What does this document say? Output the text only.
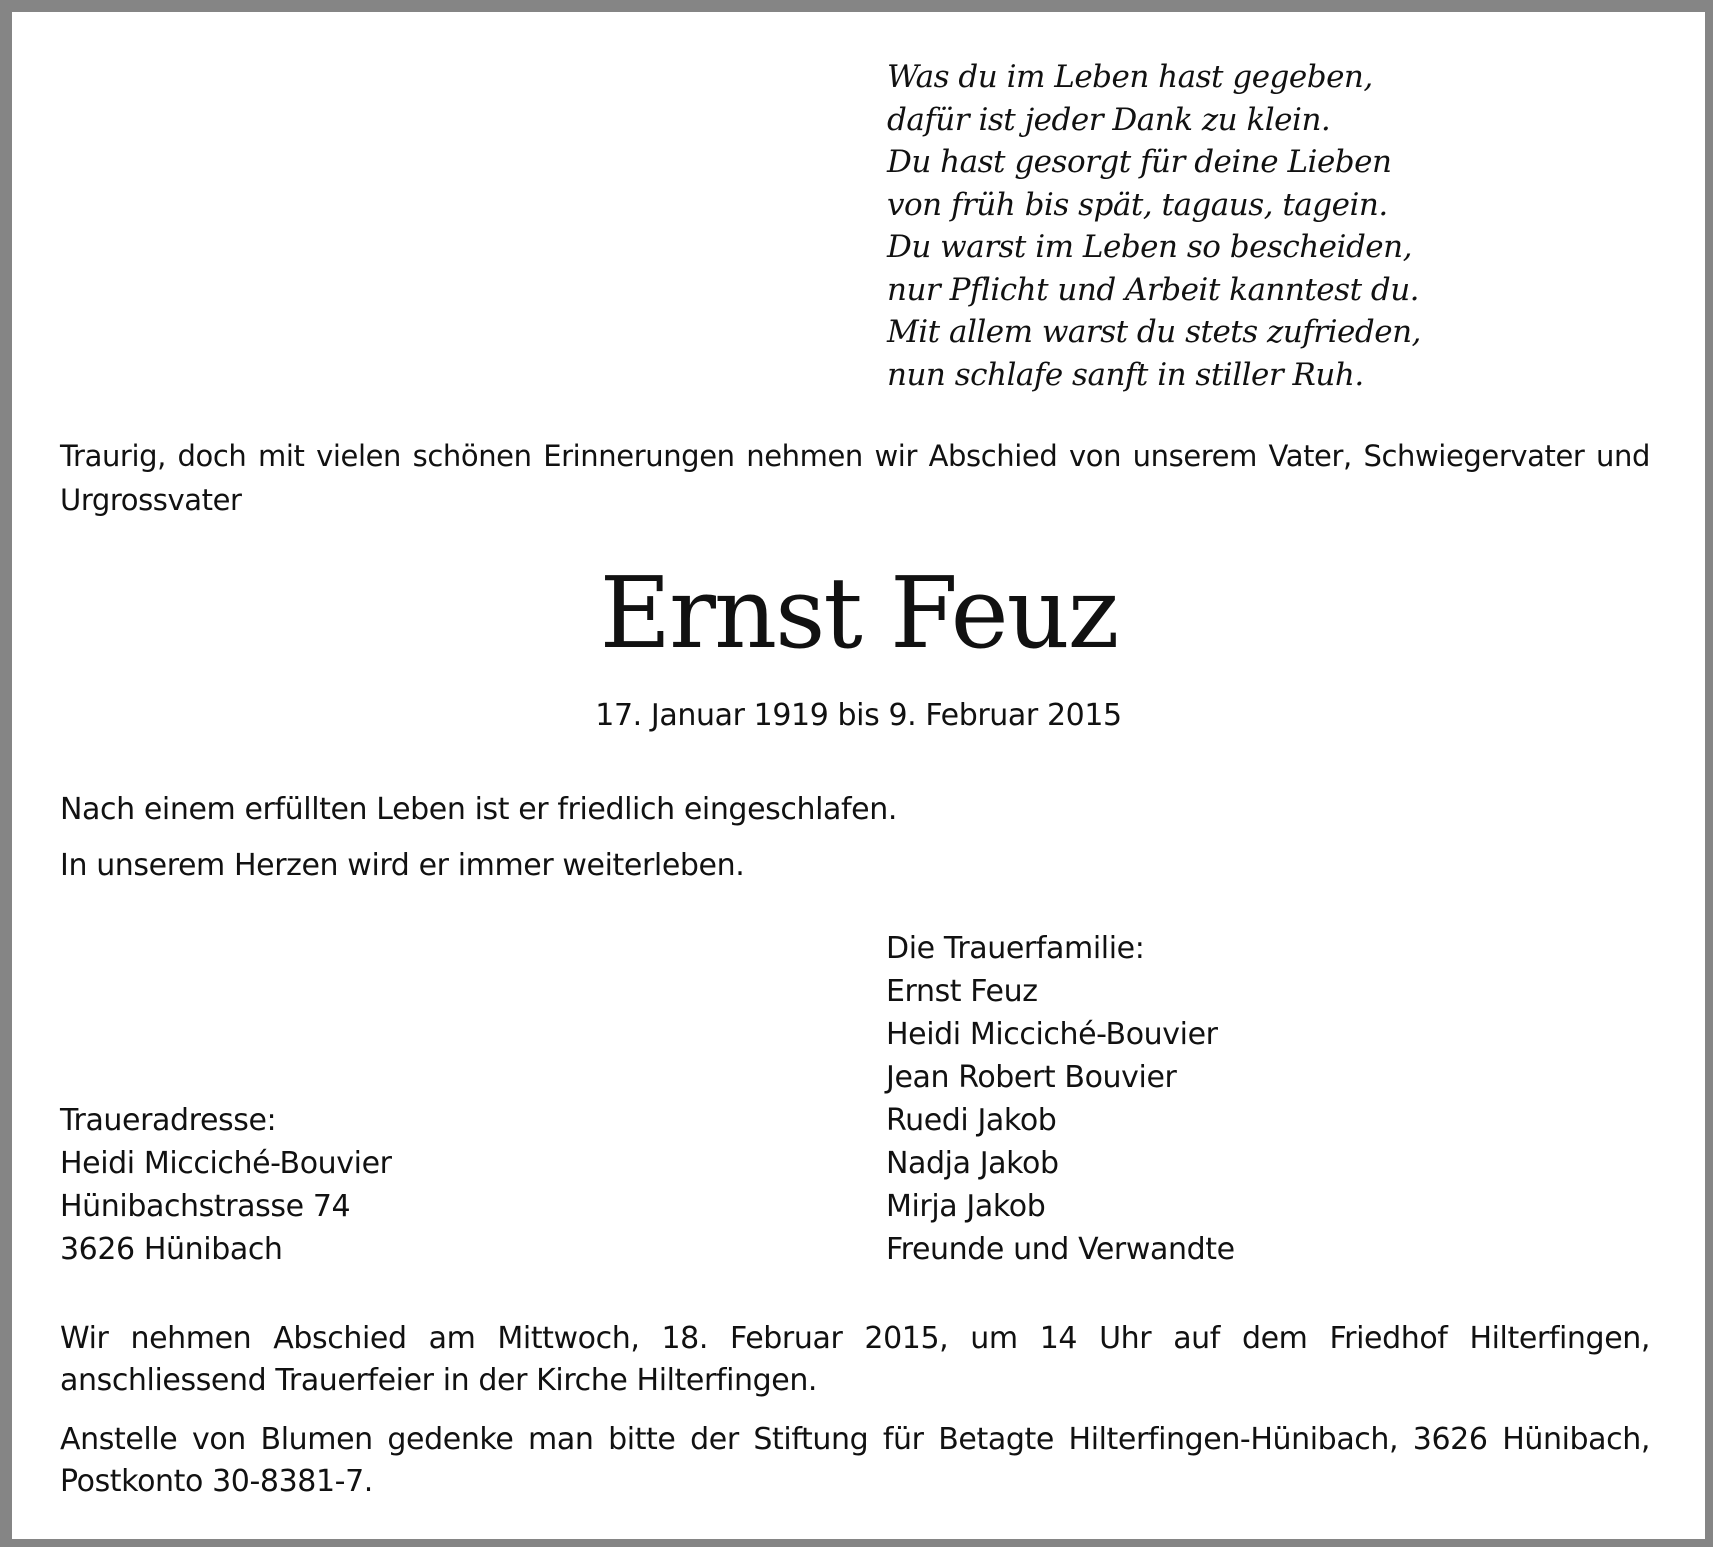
Was du im Leben hast gegeben,
dafür ist jeder Dank zu klein.
Du hast gesorgt für deine Lieben
von früh bis spät, tagaus, tagein.
Du warst im Leben so bescheiden,
nur Pflicht und Arbeit kanntest du.
Mit allem warst du stets zufrieden,
nun schlafe sanft in stiller Ruh.
Traurig, doch mit vielen schönen Erinnerungen nehmen wir Abschied von unserem Vater, Schwiegervater und Urgrossvater
Ernst Feuz
17. Januar 1919 bis 9. Februar 2015
Nach einem erfüllten Leben ist er friedlich eingeschlafen.
In unserem Herzen wird er immer weiterleben.
Die Trauerfamilie:
Ernst Feuz
Heidi Micciché-Bouvier
Jean Robert Bouvier
Ruedi Jakob
Nadja Jakob
Mirja Jakob
Freunde und Verwandte
Traueradresse:
Heidi Micciché-Bouvier
Hünibachstrasse 74
3626 Hünibach
Wir nehmen Abschied am Mittwoch, 18. Februar 2015, um 14 Uhr auf dem Friedhof Hilterfingen, anschliessend Trauerfeier in der Kirche Hilterfingen.
Anstelle von Blumen gedenke man bitte der Stiftung für Betagte Hilterfingen-Hünibach, 3626 Hünibach, Postkonto 30-8381-7.
